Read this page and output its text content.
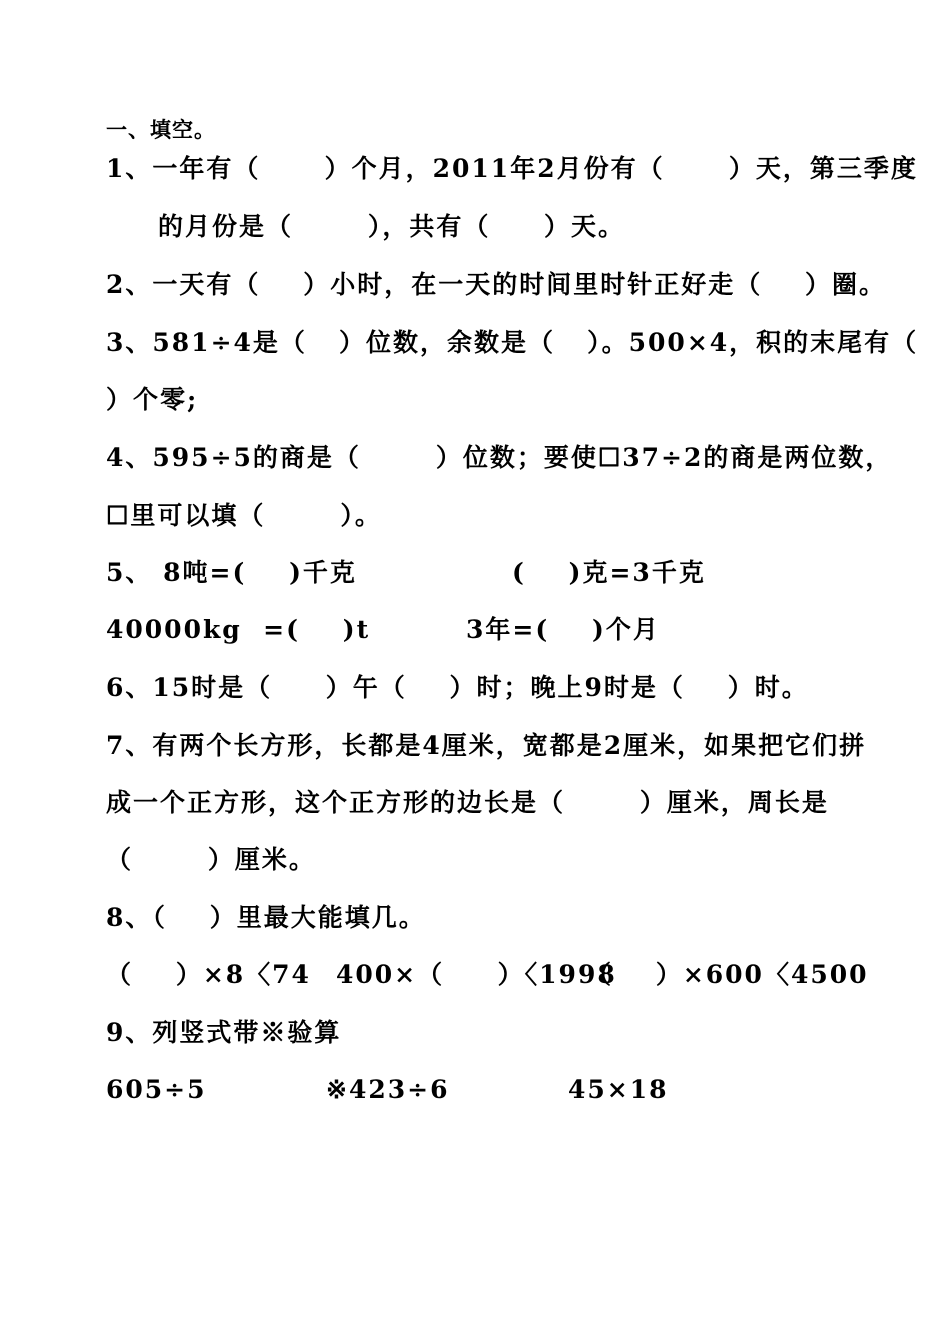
一、填空。
1、一年有（      ）个月，2011年2月份有（      ）天，第三季度
的月份是（       ），共有（     ）天。
2、一天有（    ）小时，在一天的时间里时针正好走（    ）圈。
3、581÷4是（   ）位数，余数是（   ）。500×4，积的末尾有（
）个零;
4、595÷5的商是（       ）位数；要使☐37÷2的商是两位数，
☐里可以填（       ）。
5、 8吨=(    )千克	(    )克=3千克
40000kg  =(    )t	3年=(    )个月
6、15时是（     ）午（    ）时；晚上9时是（    ）时。
7、有两个长方形，长都是4厘米，宽都是2厘米，如果把它们拼
成一个正方形，这个正方形的边长是（       ）厘米，周长是
（       ）厘米。
8、（    ）里最大能填几。
（    ）×8〈74 400×（     ）〈1998
（    ）×600〈4500
9、列竖式带※验算
605÷5	※423÷6	45×18
